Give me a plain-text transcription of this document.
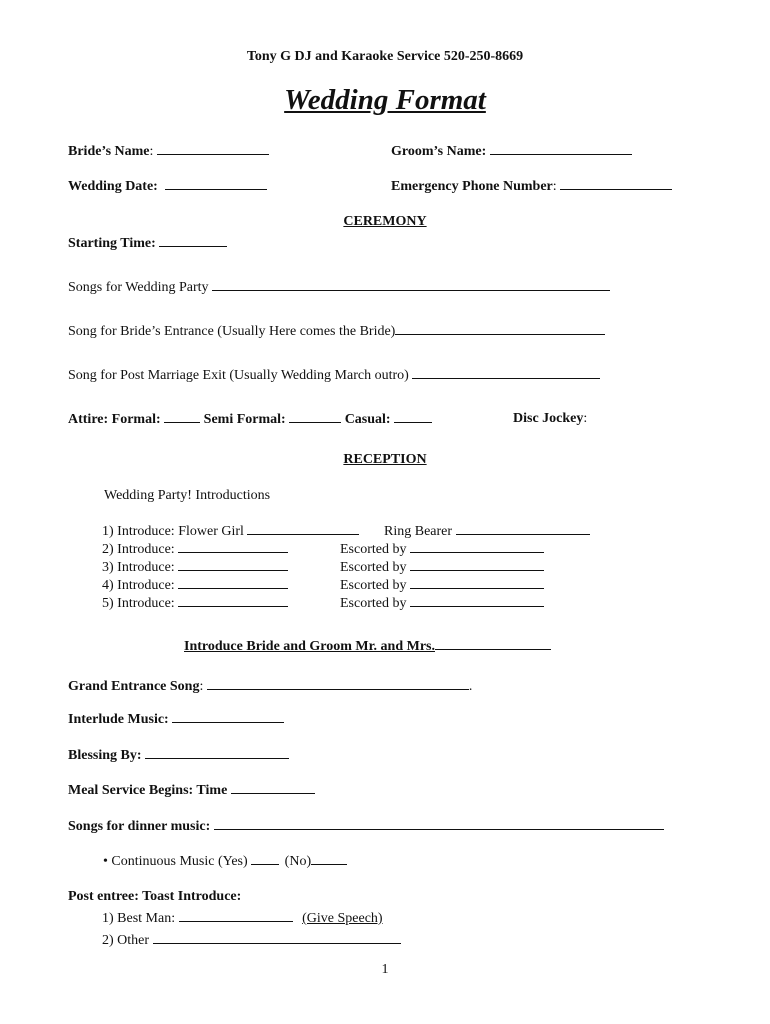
Tony G DJ and Karaoke Service 520-250-8669
Wedding Format
Bride’s Name:	Groom’s Name:
Wedding Date:	Emergency Phone Number:
CEREMONY
Starting Time:
Songs for Wedding Party
Song for Bride’s Entrance (Usually Here comes the Bride)
Song for Post Marriage Exit (Usually Wedding March outro)
Attire: Formal:	Semi Formal:	Casual:	Disc Jockey:
RECEPTION
Wedding Party! Introductions
1) Introduce: Flower Girl	Ring Bearer
2) Introduce:	Escorted by
3) Introduce:	Escorted by
4) Introduce:	Escorted by
5) Introduce:	Escorted by
Introduce Bride and Groom Mr. and Mrs.
Grand Entrance Song:	.
Interlude Music:
Blessing By:
Meal Service Begins: Time
Songs for dinner music:
• Continuous Music (Yes)	(No)
Post entree: Toast Introduce:
1) Best Man:	(Give Speech)
2) Other
1
